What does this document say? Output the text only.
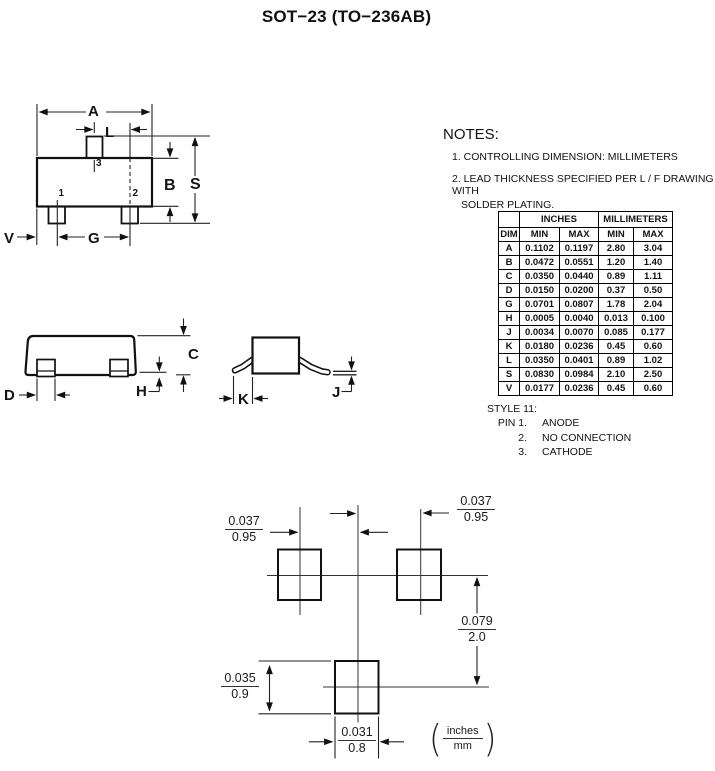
SOT−23 (TO−236AB)
A
L
B S
V	G
3
1	2
C
D	H	K	J
NOTES:
1. CONTROLLING DIMENSION: MILLIMETERS
2. LEAD THICKNESS SPECIFIED PER L / F DRAWING WITH
SOLDER PLATING.
	INCHES		MILLIMETERS	
DIM	MIN	MAX	MIN	MAX
A	0.1102	0.1197	2.80	3.04
B	0.0472	0.0551	1.20	1.40
C	0.0350	0.0440	0.89	1.11
D	0.0150	0.0200	0.37	0.50
G	0.0701	0.0807	1.78	2.04
H	0.0005	0.0040	0.013	0.100
J	0.0034	0.0070	0.085	0.177
K	0.0180	0.0236	0.45	0.60
L	0.0350	0.0401	0.89	1.02
S	0.0830	0.0984	2.10	2.50
V	0.0177	0.0236	0.45	0.60
STYLE 11:
PIN 1.	ANODE
2.	NO CONNECTION
3.	CATHODE
$\frac{0.037}{0.95}$
$\frac{0.037}{0.95}$
$\frac{0.079}{2.0}$
$\frac{0.035}{0.9}$
$\frac{0.031}{0.8}$ ( inches
mm )
